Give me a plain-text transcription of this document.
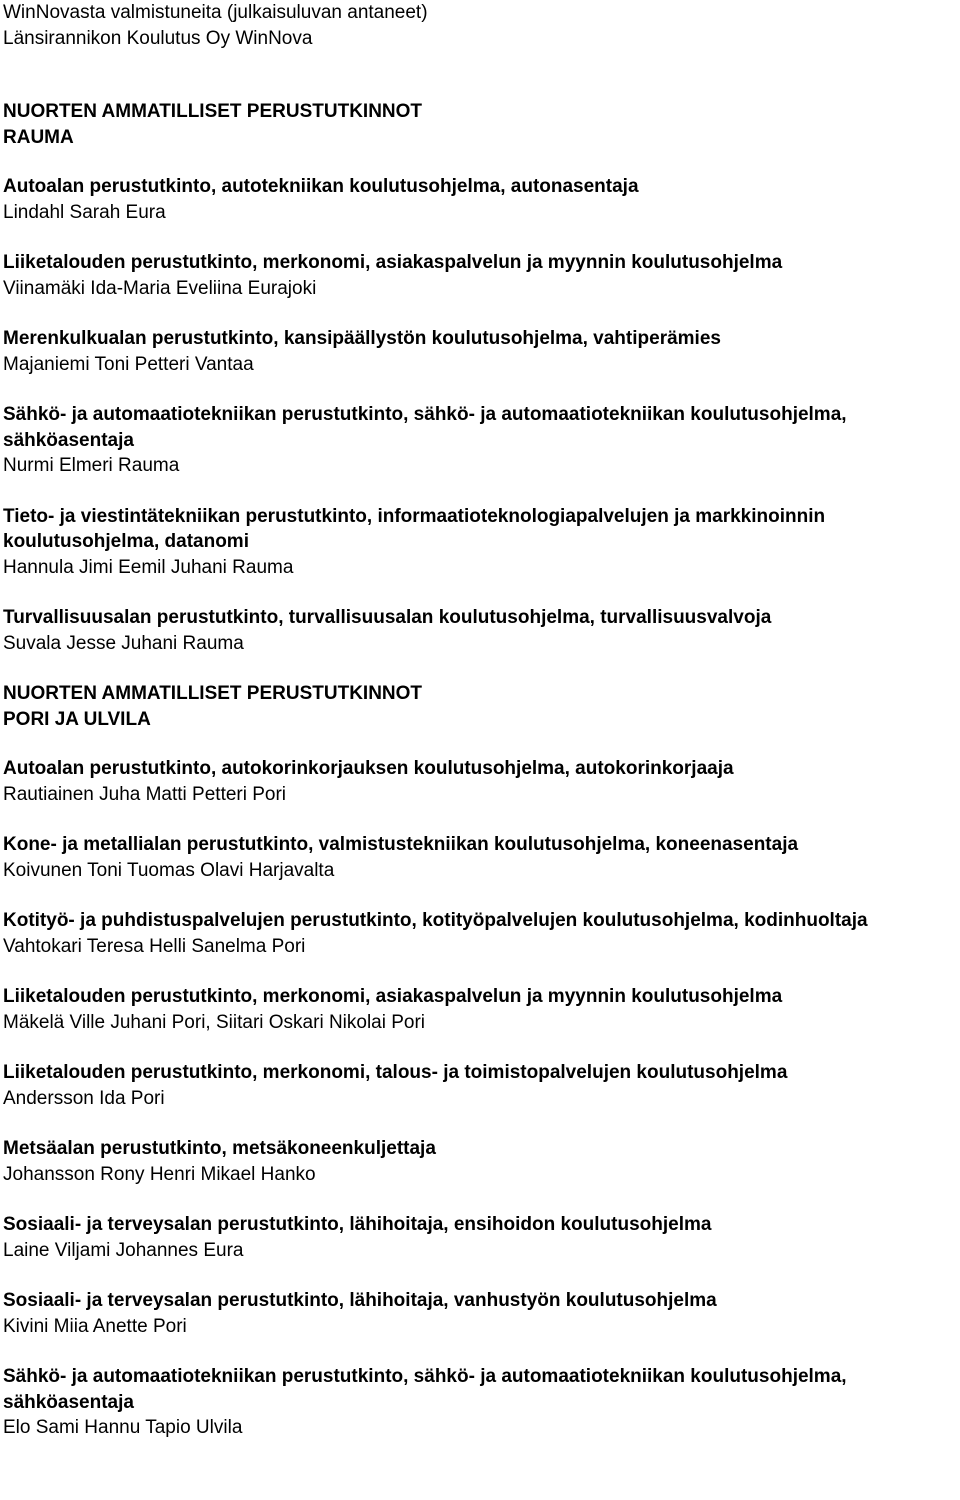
WinNovasta valmistuneita (julkaisuluvan antaneet)
Länsirannikon Koulutus Oy WinNova
NUORTEN AMMATILLISET PERUSTUTKINNOT
RAUMA
Autoalan perustutkinto, autotekniikan koulutusohjelma, autonasentaja
Lindahl Sarah Eura
Liiketalouden perustutkinto, merkonomi, asiakaspalvelun ja myynnin koulutusohjelma
Viinamäki Ida-Maria Eveliina Eurajoki
Merenkulkualan perustutkinto, kansipäällystön koulutusohjelma, vahtiperämies
Majaniemi Toni Petteri Vantaa
Sähkö- ja automaatiotekniikan perustutkinto, sähkö- ja automaatiotekniikan koulutusohjelma, sähköasentaja
Nurmi Elmeri Rauma
Tieto- ja viestintätekniikan perustutkinto, informaatioteknologiapalvelujen ja markkinoinnin koulutusohjelma, datanomi
Hannula Jimi Eemil Juhani Rauma
Turvallisuusalan perustutkinto, turvallisuusalan koulutusohjelma, turvallisuusvalvoja
Suvala Jesse Juhani Rauma
NUORTEN AMMATILLISET PERUSTUTKINNOT
PORI JA ULVILA
Autoalan perustutkinto, autokorinkorjauksen koulutusohjelma, autokorinkorjaaja
Rautiainen Juha Matti Petteri Pori
Kone- ja metallialan perustutkinto, valmistustekniikan koulutusohjelma, koneenasentaja
Koivunen Toni Tuomas Olavi Harjavalta
Kotityö- ja puhdistuspalvelujen perustutkinto, kotityöpalvelujen koulutusohjelma, kodinhuoltaja
Vahtokari Teresa Helli Sanelma Pori
Liiketalouden perustutkinto, merkonomi, asiakaspalvelun ja myynnin koulutusohjelma
Mäkelä Ville Juhani Pori, Siitari Oskari Nikolai Pori
Liiketalouden perustutkinto, merkonomi, talous- ja toimistopalvelujen koulutusohjelma
Andersson Ida Pori
Metsäalan perustutkinto, metsäkoneenkuljettaja
Johansson Rony Henri Mikael Hanko
Sosiaali- ja terveysalan perustutkinto, lähihoitaja, ensihoidon koulutusohjelma
Laine Viljami Johannes Eura
Sosiaali- ja terveysalan perustutkinto, lähihoitaja, vanhustyön koulutusohjelma
Kivini Miia Anette Pori
Sähkö- ja automaatiotekniikan perustutkinto, sähkö- ja automaatiotekniikan koulutusohjelma, sähköasentaja
Elo Sami Hannu Tapio Ulvila
